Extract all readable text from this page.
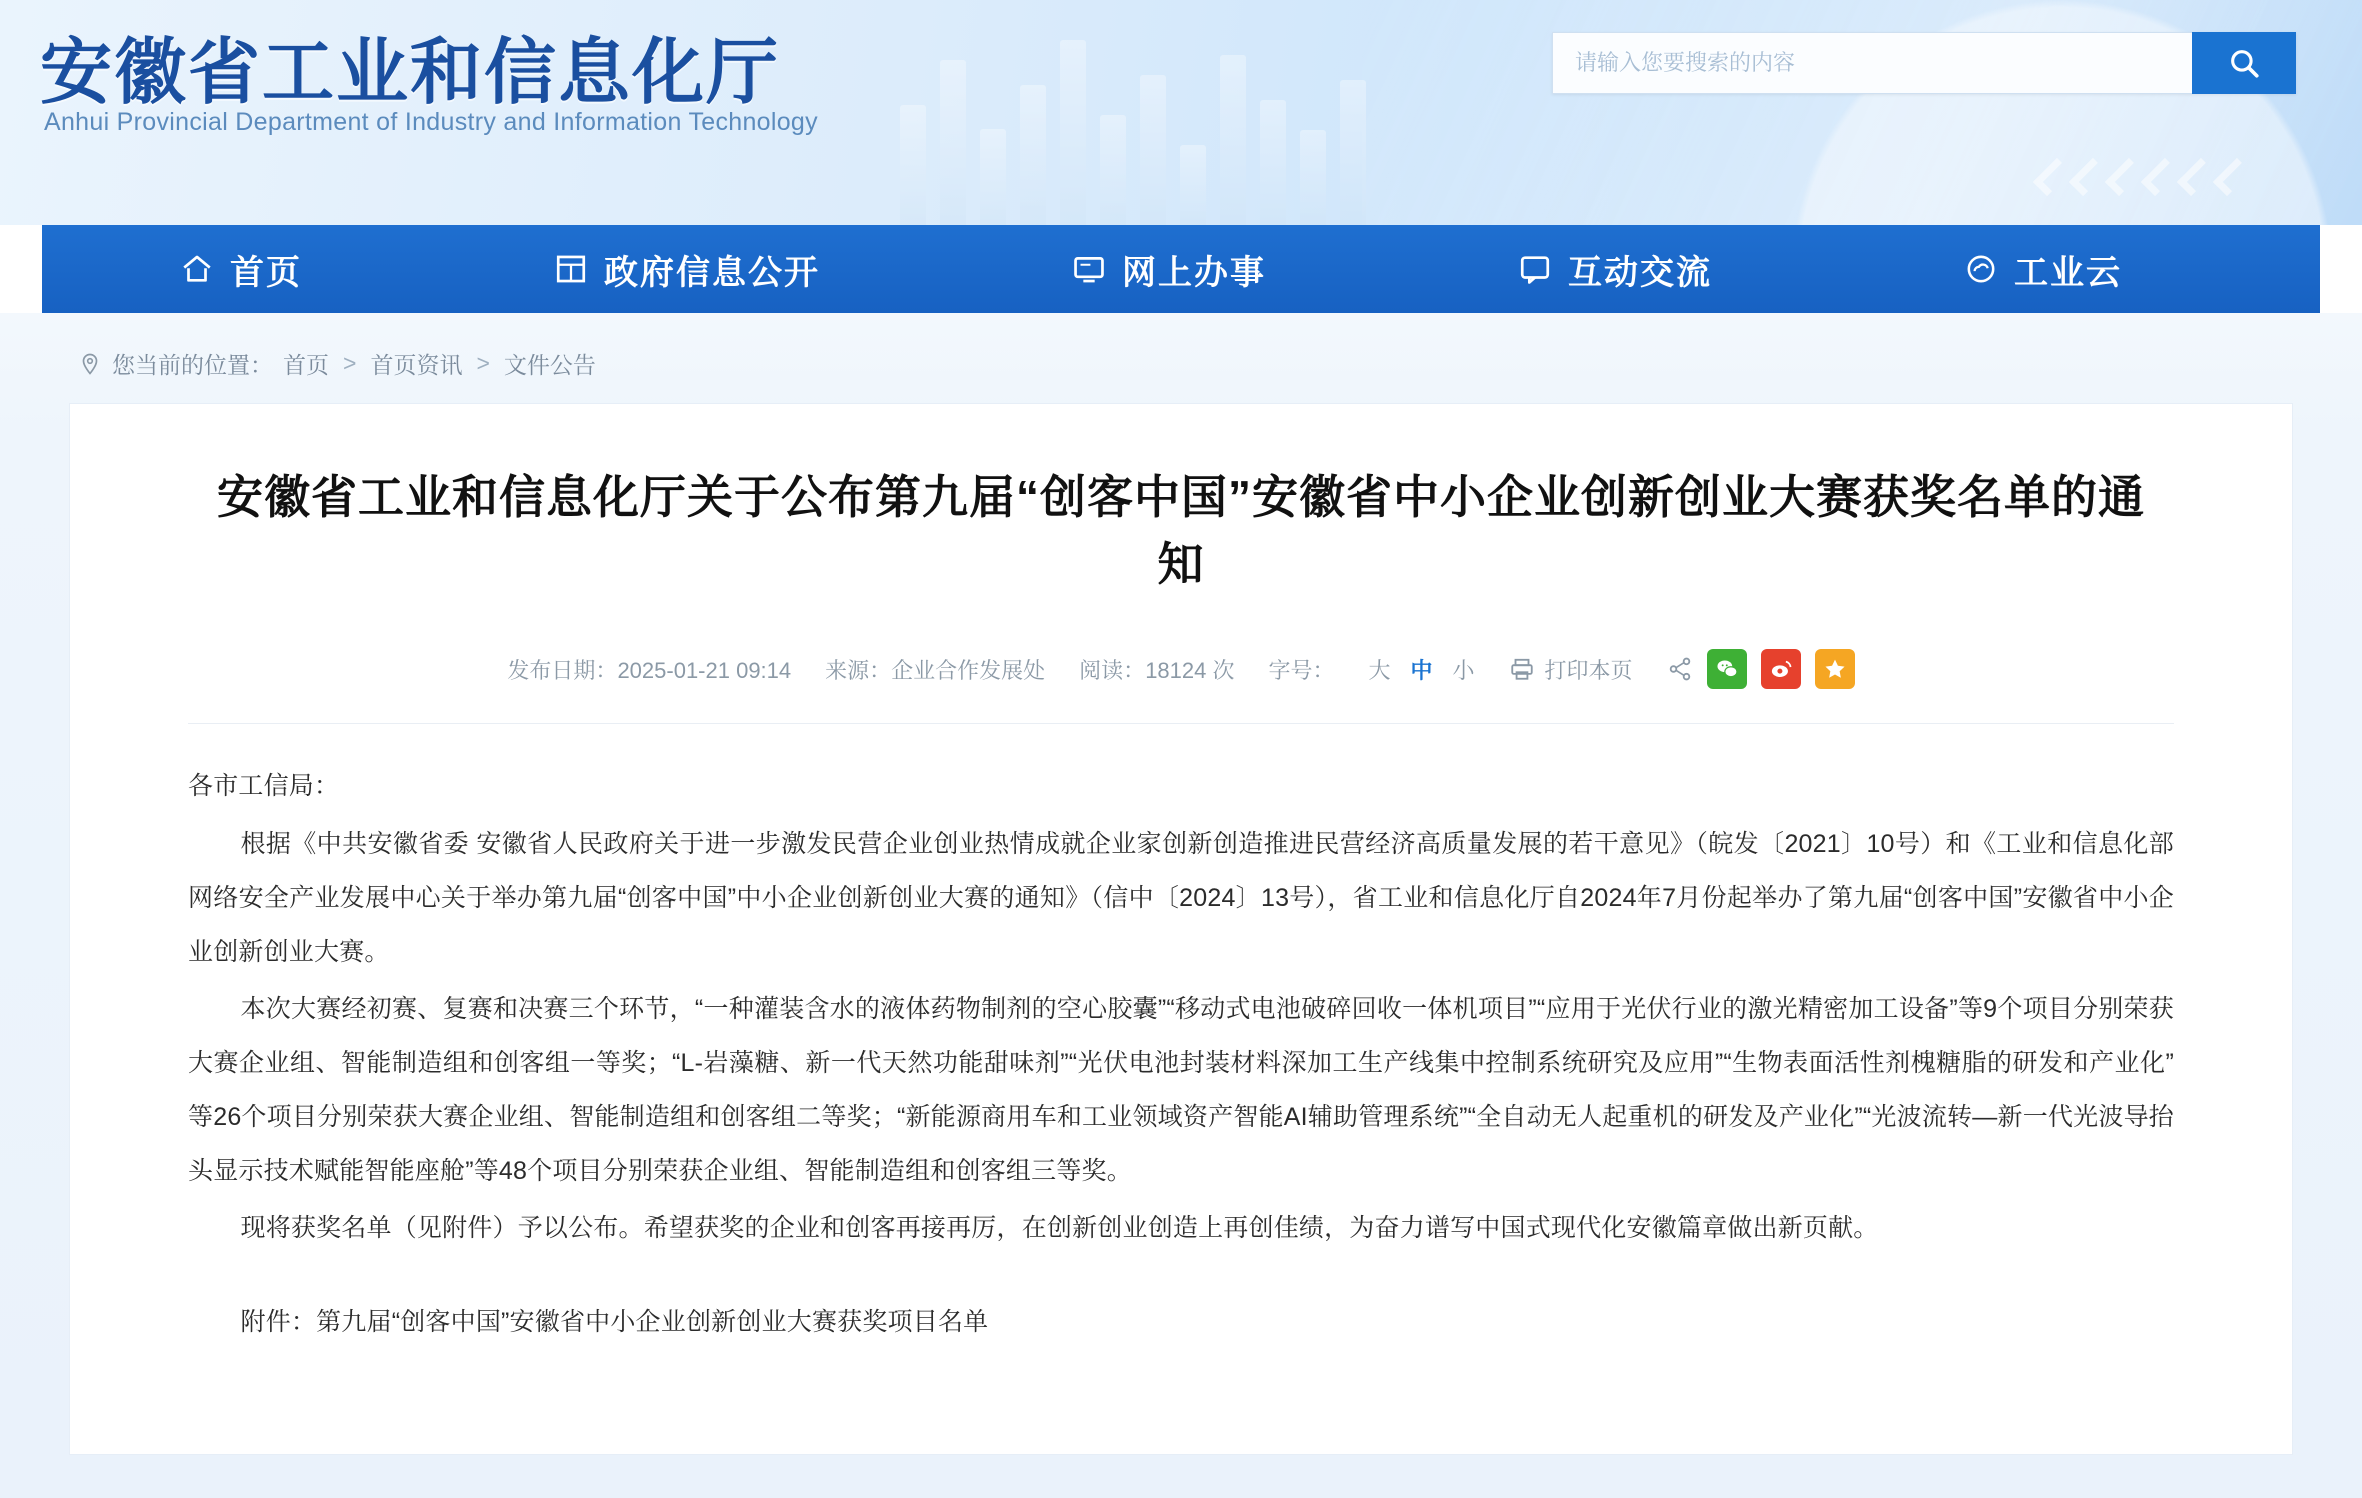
安徽省工业和信息化厅
Anhui Provincial Department of Industry and Information Technology
请输入您要搜索的内容
首页	政府信息公开	网上办事	互动交流	工业云
您当前的位置： 首页 > 首页资讯 > 文件公告
安徽省工业和信息化厅关于公布第九届“创客中国”安徽省中小企业创新创业大赛获奖名单的通知
发布日期：2025-01-21 09:14 来源：企业合作发展处 阅读：18124 次 字号： 大 中 小	打印本页

各市工信局：

根据《中共安徽省委 安徽省人民政府关于进一步激发民营企业创业热情成就企业家创新创造推进民营经济高质量发展的若干意见》（皖发〔2021〕10号）和《工业和信息化部网络安全产业发展中心关于举办第九届“创客中国”中小企业创新创业大赛的通知》（信中〔2024〕13号），省工业和信息化厅自2024年7月份起举办了第九届“创客中国”安徽省中小企业创新创业大赛。

本次大赛经初赛、复赛和决赛三个环节，“一种灌装含水的液体药物制剂的空心胶囊”“移动式电池破碎回收一体机项目”“应用于光伏行业的激光精密加工设备”等9个项目分别荣获大赛企业组、智能制造组和创客组一等奖；“L-岩藻糖、新一代天然功能甜味剂”“光伏电池封装材料深加工生产线集中控制系统研究及应用”“生物表面活性剂槐糖脂的研发和产业化”等26个项目分别荣获大赛企业组、智能制造组和创客组二等奖；“新能源商用车和工业领域资产智能AI辅助管理系统”“全自动无人起重机的研发及产业化”“光波流转—新一代光波导抬头显示技术赋能智能座舱”等48个项目分别荣获企业组、智能制造组和创客组三等奖。

现将获奖名单（见附件）予以公布。希望获奖的企业和创客再接再厉，在创新创业创造上再创佳绩，为奋力谱写中国式现代化安徽篇章做出新页献。

附件：第九届“创客中国”安徽省中小企业创新创业大赛获奖项目名单
